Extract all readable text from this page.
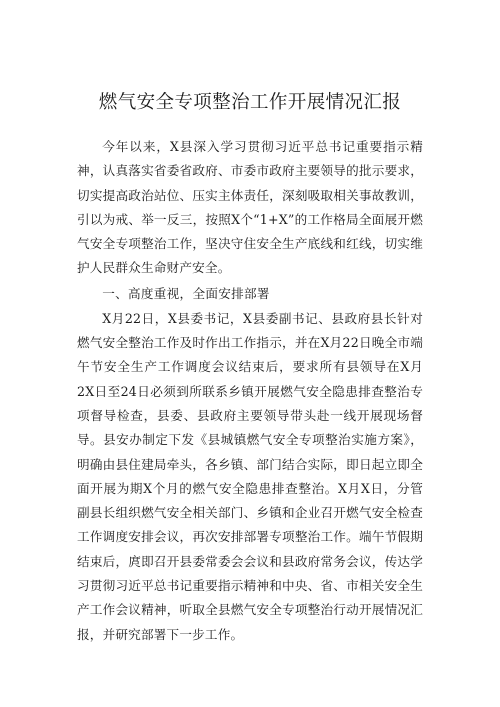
燃气安全专项整治工作开展情况汇报

今年以来，X县深入学习贯彻习近平总书记重要指示精神，认真落实省委省政府、市委市政府主要领导的批示要求，切实提高政治站位、压实主体责任，深刻吸取相关事故教训，引以为戒、举一反三，按照X个“1+X”的工作格局全面展开燃气安全专项整治工作，坚决守住安全生产底线和红线，切实维护人民群众生命财产安全。

一、高度重视，全面安排部署

X月22日，X县委书记，X县委副书记、县政府县长针对燃气安全整治工作及时作出工作指示，并在X月22日晚全市端午节安全生产工作调度会议结束后，要求所有县领导在X月2X日至24日必须到所联系乡镇开展燃气安全隐患排查整治专项督导检查，县委、县政府主要领导带头赴一线开展现场督导。县安办制定下发《县城镇燃气安全专项整治实施方案》，明确由县住建局牵头，各乡镇、部门结合实际，即日起立即全面开展为期X个月的燃气安全隐患排查整治。X月X日，分管副县长组织燃气安全相关部门、乡镇和企业召开燃气安全检查工作调度安排会议，再次安排部署专项整治工作。端午节假期结束后，庹即召开县委常委会会议和县政府常务会议，传达学习贯彻习近平总书记重要指示精神和中央、省、市相关安全生产工作会议精神，听取全县燃气安全专项整治行动开展情况汇报，并研究部署下一步工作。
